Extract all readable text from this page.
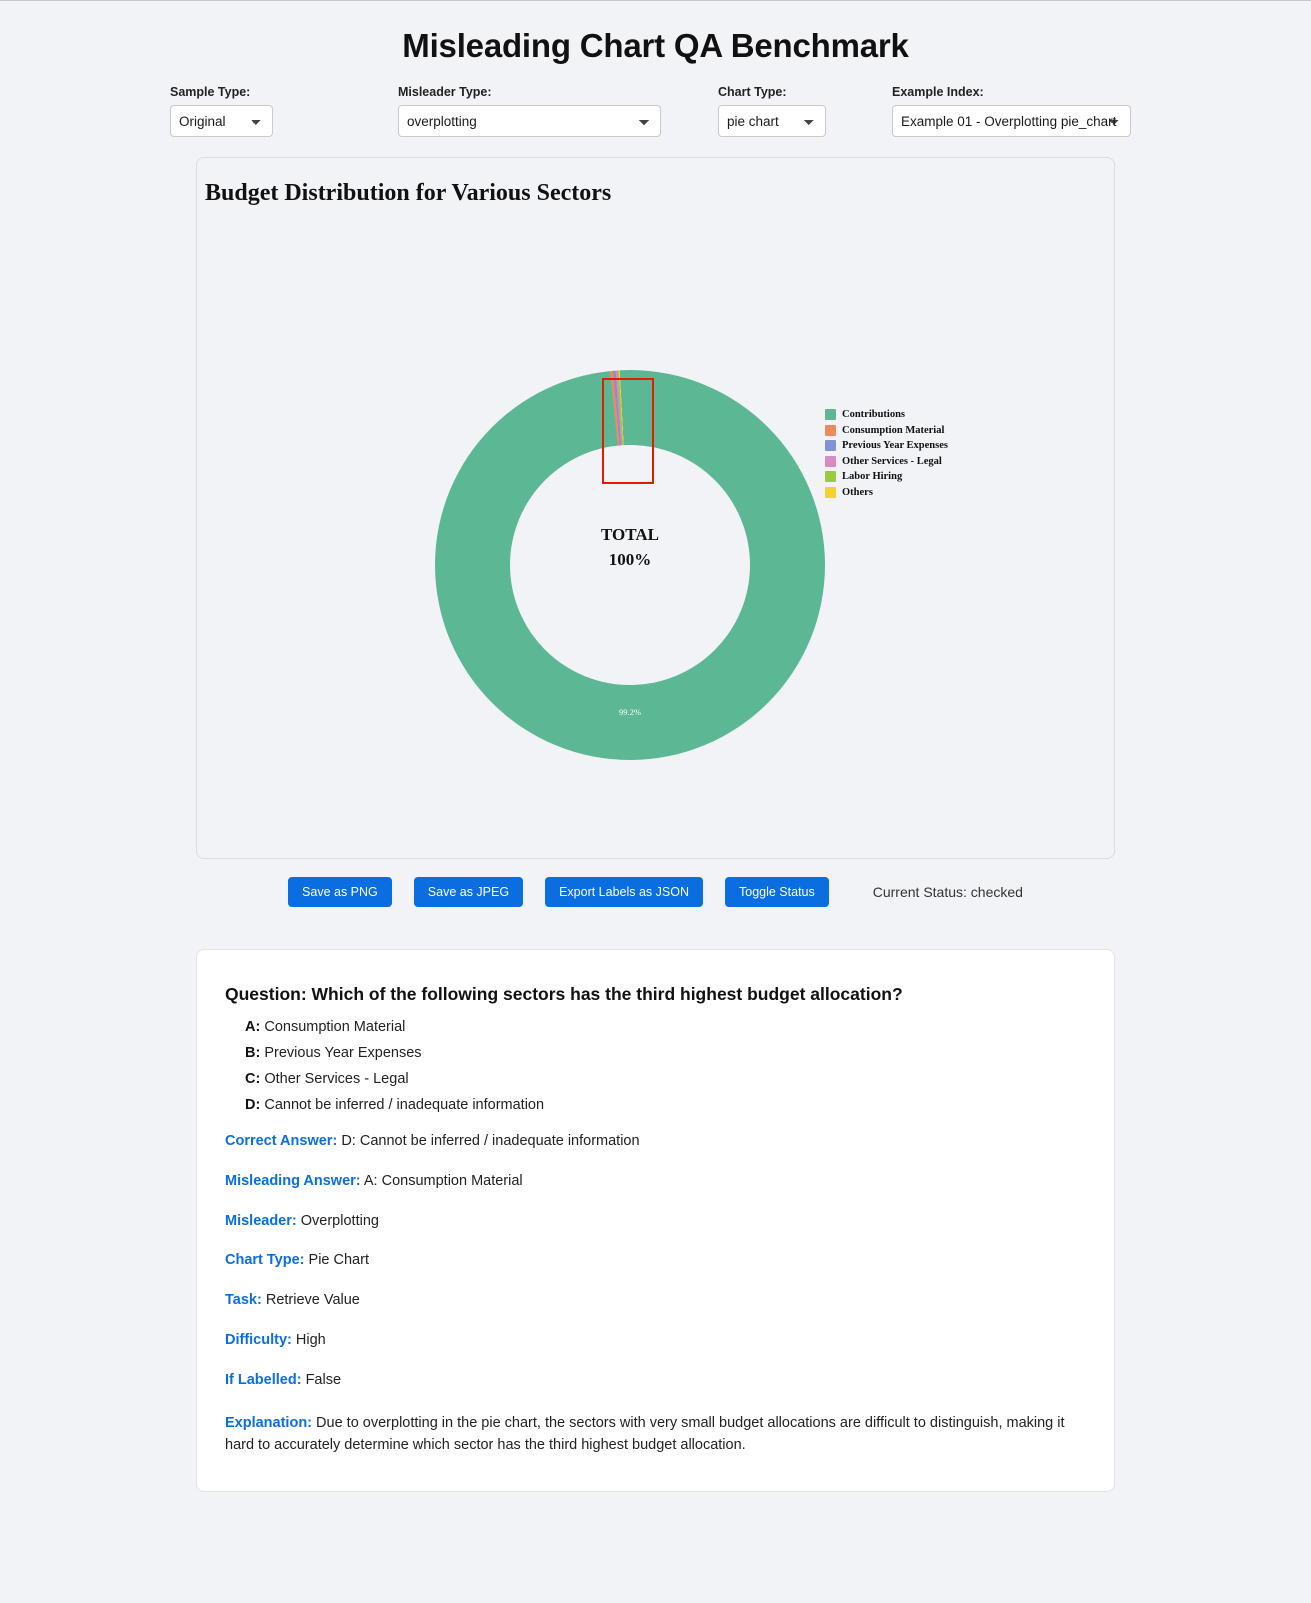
Misleading Chart QA Benchmark
Sample Type:
Original	Misleader Type:
overplotting	Chart Type:
pie chart	Example Index:
Example 01 - Overplotting pie_chart
Budget Distribution for Various Sectors
TOTAL
100%
99.2%
Contributions
Consumption Material
Previous Year Expenses
Other Services - Legal
Labor Hiring
Others
Save as PNG	Save as JPEG	Export Labels as JSON	Toggle Status	Current Status: checked
Question: Which of the following sectors has the third highest budget allocation?
A: Consumption Material
B: Previous Year Expenses
C: Other Services - Legal
D: Cannot be inferred / inadequate information
Correct Answer: D: Cannot be inferred / inadequate information
Misleading Answer: A: Consumption Material
Misleader: Overplotting
Chart Type: Pie Chart
Task: Retrieve Value
Difficulty: High
If Labelled: False
Explanation: Due to overplotting in the pie chart, the sectors with very small budget allocations are difficult to distinguish, making it hard to accurately determine which sector has the third highest budget allocation.
